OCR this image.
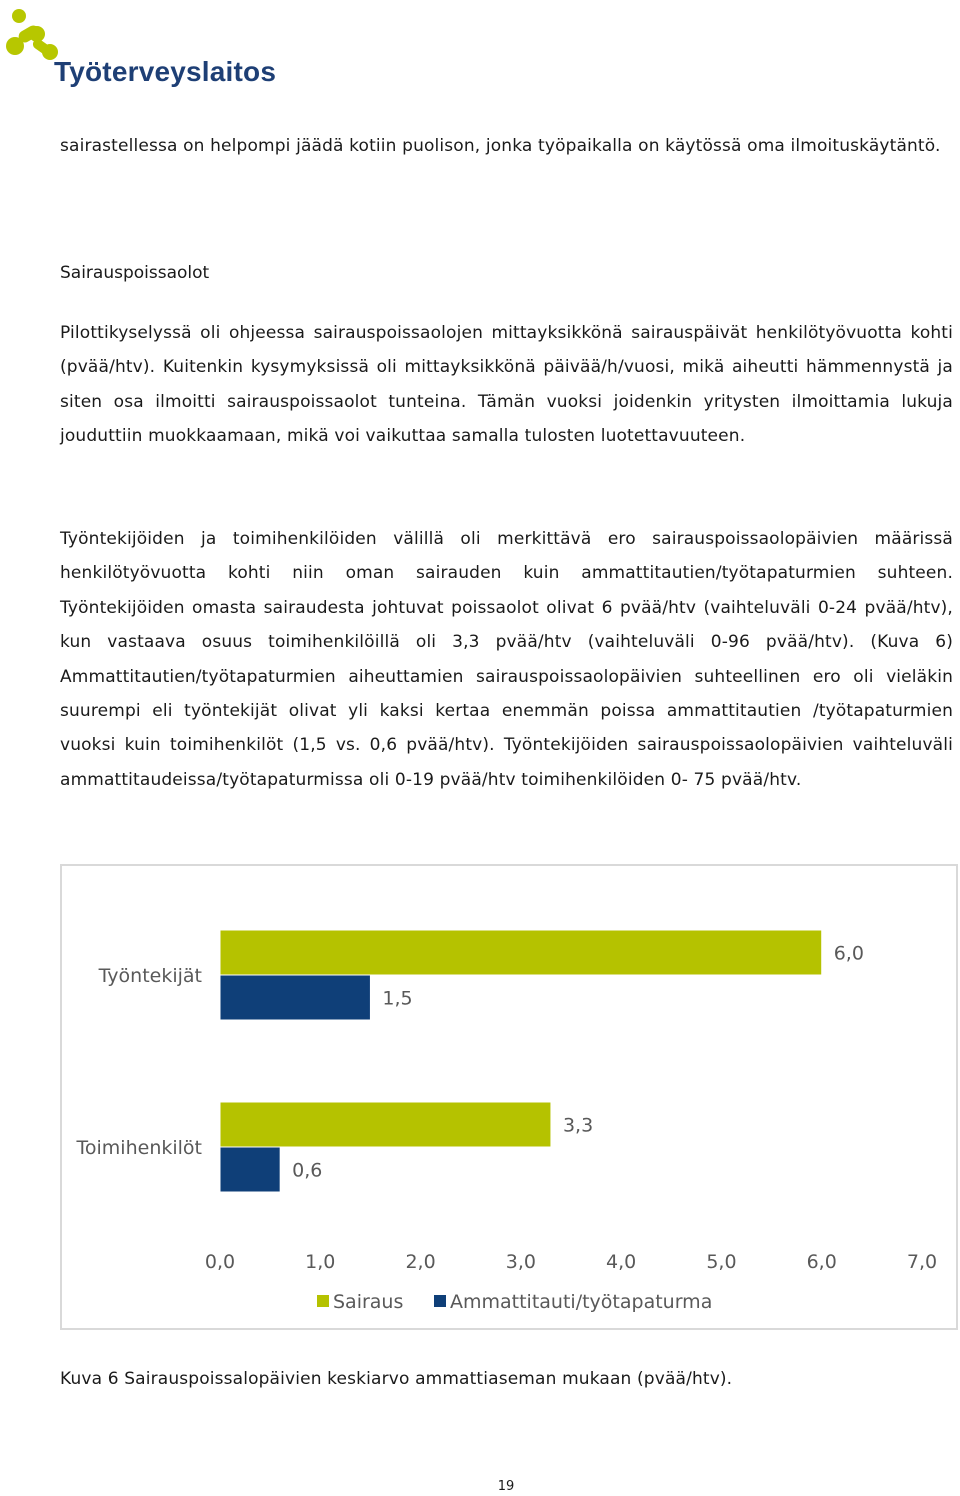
Työterveyslaitos

sairastellessa on helpompi jäädä kotiin puolison, jonka työpaikalla on käytössä oma ilmoituskäytäntö.

Sairauspoissaolot

Pilottikyselyssä oli ohjeessa sairauspoissaolojen mittayksikkönä sairauspäivät henkilötyövuotta kohti (pvää/htv). Kuitenkin kysymyksissä oli mittayksikkönä päivää/h/vuosi, mikä aiheutti hämmennystä ja siten osa ilmoitti sairauspoissaolot tunteina. Tämän vuoksi joidenkin yritysten ilmoittamia lukuja jouduttiin muokkaamaan, mikä voi vaikuttaa samalla tulosten luotettavuuteen.

Työntekijöiden ja toimihenkilöiden välillä oli merkittävä ero sairauspoissaolopäivien määrissä henkilötyövuotta kohti niin oman sairauden kuin ammattitautien/työtapaturmien suhteen. Työntekijöiden omasta sairaudesta johtuvat poissaolot olivat 6 pvää/htv (vaihteluväli 0-24 pvää/htv), kun vastaava osuus toimihenkilöillä oli 3,3 pvää/htv (vaihteluväli 0-96 pvää/htv). (Kuva 6) Ammattitautien/työtapaturmien aiheuttamien sairauspoissaolopäivien suhteellinen ero oli vieläkin suurempi eli työntekijät olivat yli kaksi kertaa enemmän poissa ammattitautien /työtapaturmien vuoksi kuin toimihenkilöt (1,5 vs. 0,6 pvää/htv). Työntekijöiden sairauspoissaolopäivien vaihteluväli ammattitaudeissa/työtapaturmissa oli 0-19 pvää/htv toimihenkilöiden 0- 75 pvää/htv.

6,0
3,3
1,5
0,6
Työntekijät
Toimihenkilöt
0,0	1,0	2,0	3,0	4,0	5,0	6,0	7,0
Sairaus Ammattitauti/työtapaturma
Kuva 6 Sairauspoissalopäivien keskiarvo ammattiaseman mukaan (pvää/htv).
19
